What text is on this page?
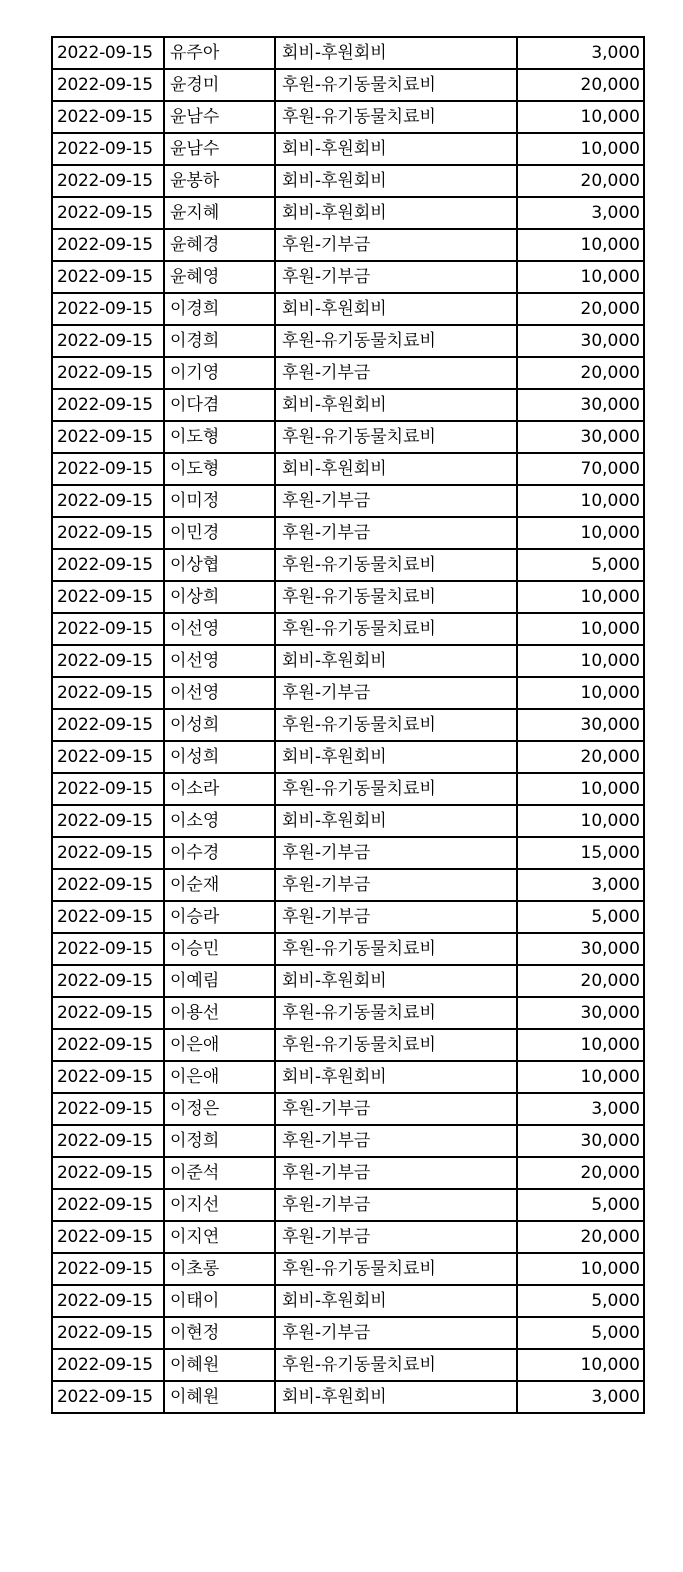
2022-09-15	유주아	회비-후원회비	3,000
2022-09-15	윤경미	후원-유기동물치료비	20,000
2022-09-15	윤남수	후원-유기동물치료비	10,000
2022-09-15	윤남수	회비-후원회비	10,000
2022-09-15	윤봉하	회비-후원회비	20,000
2022-09-15	윤지혜	회비-후원회비	3,000
2022-09-15	윤혜경	후원-기부금	10,000
2022-09-15	윤혜영	후원-기부금	10,000
2022-09-15	이경희	회비-후원회비	20,000
2022-09-15	이경희	후원-유기동물치료비	30,000
2022-09-15	이기영	후원-기부금	20,000
2022-09-15	이다겸	회비-후원회비	30,000
2022-09-15	이도형	후원-유기동물치료비	30,000
2022-09-15	이도형	회비-후원회비	70,000
2022-09-15	이미정	후원-기부금	10,000
2022-09-15	이민경	후원-기부금	10,000
2022-09-15	이상협	후원-유기동물치료비	5,000
2022-09-15	이상희	후원-유기동물치료비	10,000
2022-09-15	이선영	후원-유기동물치료비	10,000
2022-09-15	이선영	회비-후원회비	10,000
2022-09-15	이선영	후원-기부금	10,000
2022-09-15	이성희	후원-유기동물치료비	30,000
2022-09-15	이성희	회비-후원회비	20,000
2022-09-15	이소라	후원-유기동물치료비	10,000
2022-09-15	이소영	회비-후원회비	10,000
2022-09-15	이수경	후원-기부금	15,000
2022-09-15	이순재	후원-기부금	3,000
2022-09-15	이승라	후원-기부금	5,000
2022-09-15	이승민	후원-유기동물치료비	30,000
2022-09-15	이예림	회비-후원회비	20,000
2022-09-15	이용선	후원-유기동물치료비	30,000
2022-09-15	이은애	후원-유기동물치료비	10,000
2022-09-15	이은애	회비-후원회비	10,000
2022-09-15	이정은	후원-기부금	3,000
2022-09-15	이정희	후원-기부금	30,000
2022-09-15	이준석	후원-기부금	20,000
2022-09-15	이지선	후원-기부금	5,000
2022-09-15	이지연	후원-기부금	20,000
2022-09-15	이초롱	후원-유기동물치료비	10,000
2022-09-15	이태이	회비-후원회비	5,000
2022-09-15	이현정	후원-기부금	5,000
2022-09-15	이혜원	후원-유기동물치료비	10,000
2022-09-15	이혜원	회비-후원회비	3,000
